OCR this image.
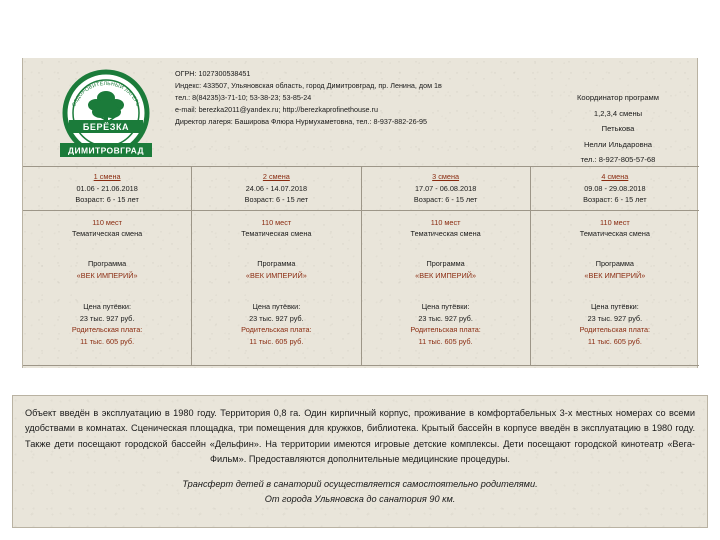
ОЗДОРОВИТЕЛЬНЫЙ ЛАГЕРЬ
БЕРЁЗКА
ДИМИТРОВГРАД
ОГРН: 1027300538451
Индекс: 433507, Ульяновская область, город Димитровград, пр. Ленина, дом 1в
тел.: 8(84235)3-71-10; 53-38-23; 53-85-24
e-mail: berezka2011@yandex.ru; http://berezkaprofinethouse.ru
Директор лагеря: Баширова Флюра Нурмухаметовна, тел.: 8-937-882-26-95
Координатор программ
1,2,3,4 смены
Петькова
Нелли Ильдаровна
тел.: 8-927-805-57-68
1 смена
01.06 - 21.06.2018
Возраст: 6 - 15 лет
110 мест
Тематическая смена
Программа
«ВЕК ИМПЕРИЙ»
Цена путёвки:
23 тыс. 927 руб.
Родительская плата:
11 тыс. 605 руб.
2 смена
24.06 - 14.07.2018
Возраст: 6 - 15 лет
110 мест
Тематическая смена
Программа
«ВЕК ИМПЕРИЙ»
Цена путёвки:
23 тыс. 927 руб.
Родительская плата:
11 тыс. 605 руб.
3 смена
17.07 - 06.08.2018
Возраст: 6 - 15 лет
110 мест
Тематическая смена
Программа
«ВЕК ИМПЕРИЙ»
Цена путёвки:
23 тыс. 927 руб.
Родительская плата:
11 тыс. 605 руб.
4 смена
09.08 - 29.08.2018
Возраст: 6 - 15 лет
110 мест
Тематическая смена
Программа
«ВЕК ИМПЕРИЙ»
Цена путёвки:
23 тыс. 927 руб.
Родительская плата:
11 тыс. 605 руб.
Объект введён в эксплуатацию в 1980 году. Территория 0,8 га. Один кирпичный корпус, проживание в комфортабельных 3-х местных номерах со всеми удобствами в комнатах. Сценическая площадка, три помещения для кружков, библиотека. Крытый бассейн в корпусе введён в эксплуатацию в 1980 году. Также дети посещают городской бассейн «Дельфин». На территории имеются игровые детские комплексы. Дети посещают городской кинотеатр «Вега-Фильм». Предоставляются дополнительные медицинские процедуры.
Трансферт детей в санаторий осуществляется самостоятельно родителями.
От города Ульяновска до санатория 90 км.
